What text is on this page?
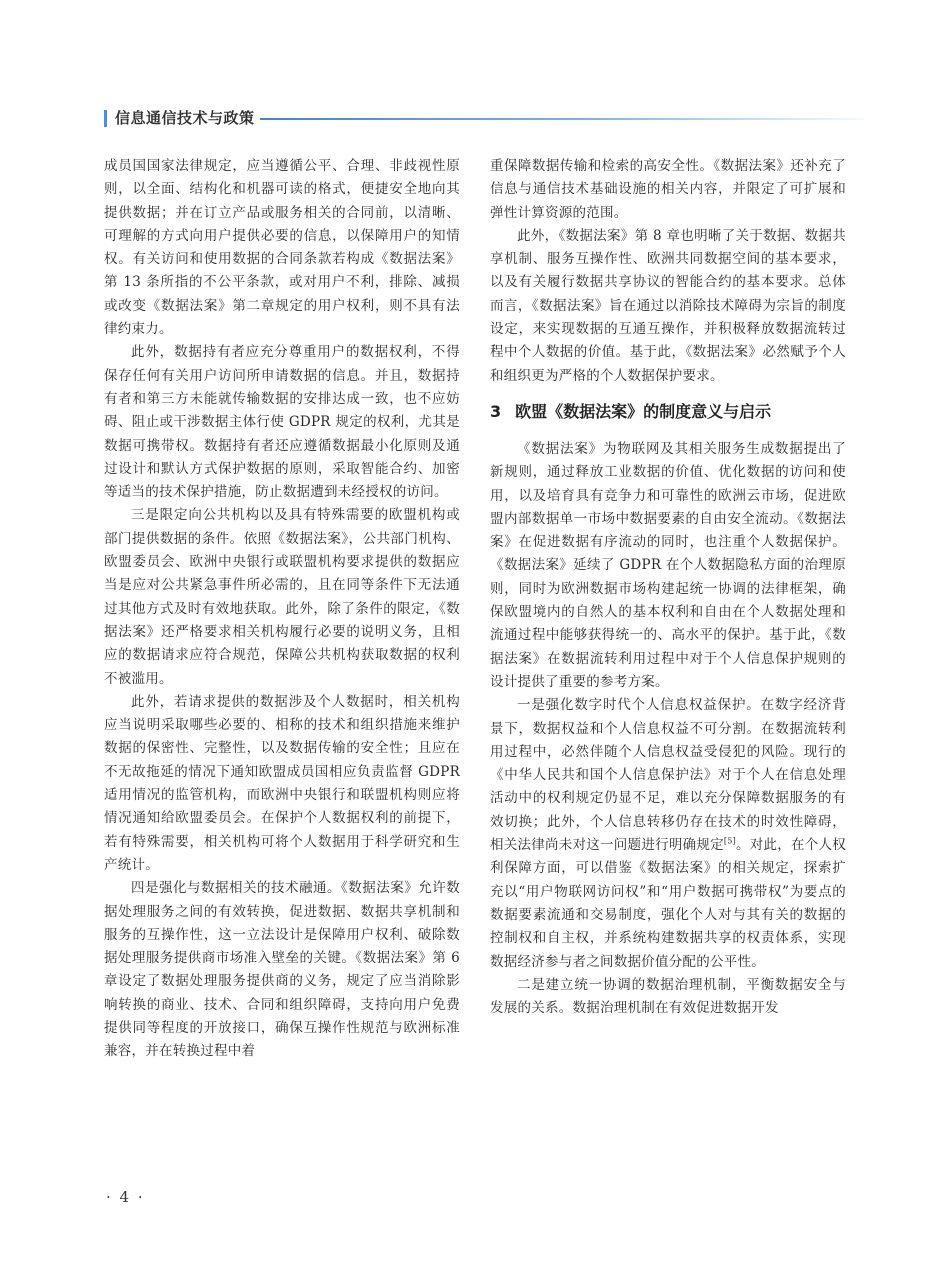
信息通信技术与政策

成员国国家法律规定，应当遵循公平、合理、非歧视性原则，以全面、结构化和机器可读的格式，便捷安全地向其提供数据；并在订立产品或服务相关的合同前，以清晰、可理解的方式向用户提供必要的信息，以保障用户的知情权。有关访问和使用数据的合同条款若构成《数据法案》第 13 条所指的不公平条款，或对用户不利，排除、减损或改变《数据法案》第二章规定的用户权利，则不具有法律约束力。

此外，数据持有者应充分尊重用户的数据权利，不得保存任何有关用户访问所申请数据的信息。并且，数据持有者和第三方未能就传输数据的安排达成一致，也不应妨碍、阻止或干涉数据主体行使 GDPR 规定的权利，尤其是数据可携带权。数据持有者还应遵循数据最小化原则及通过设计和默认方式保护数据的原则，采取智能合约、加密等适当的技术保护措施，防止数据遭到未经授权的访问。

三是限定向公共机构以及具有特殊需要的欧盟机构或部门提供数据的条件。依照《数据法案》，公共部门机构、欧盟委员会、欧洲中央银行或联盟机构要求提供的数据应当是应对公共紧急事件所必需的，且在同等条件下无法通过其他方式及时有效地获取。此外，除了条件的限定，《数据法案》还严格要求相关机构履行必要的说明义务，且相应的数据请求应符合规范，保障公共机构获取数据的权利不被滥用。

此外，若请求提供的数据涉及个人数据时，相关机构应当说明采取哪些必要的、相称的技术和组织措施来维护数据的保密性、完整性，以及数据传输的安全性；且应在不无故拖延的情况下通知欧盟成员国相应负责监督 GDPR 适用情况的监管机构，而欧洲中央银行和联盟机构则应将情况通知给欧盟委员会。在保护个人数据权利的前提下，若有特殊需要，相关机构可将个人数据用于科学研究和生产统计。

四是强化与数据相关的技术融通。《数据法案》允许数据处理服务之间的有效转换，促进数据、数据共享机制和服务的互操作性，这一立法设计是保障用户权利、破除数据处理服务提供商市场准入壁垒的关键。《数据法案》第 6 章设定了数据处理服务提供商的义务，规定了应当消除影响转换的商业、技术、合同和组织障碍，支持向用户免费提供同等程度的开放接口，确保互操作性规范与欧洲标准兼容，并在转换过程中着

重保障数据传输和检索的高安全性。《数据法案》还补充了信息与通信技术基础设施的相关内容，并限定了可扩展和弹性计算资源的范围。

此外，《数据法案》第 8 章也明晰了关于数据、数据共享机制、服务互操作性、欧洲共同数据空间的基本要求，以及有关履行数据共享协议的智能合约的基本要求。总体而言，《数据法案》旨在通过以消除技术障碍为宗旨的制度设定，来实现数据的互通互操作，并积极释放数据流转过程中个人数据的价值。基于此，《数据法案》必然赋予个人和组织更为严格的个人数据保护要求。

3 欧盟《数据法案》的制度意义与启示

《数据法案》为物联网及其相关服务生成数据提出了新规则，通过释放工业数据的价值、优化数据的访问和使用，以及培育具有竞争力和可靠性的欧洲云市场，促进欧盟内部数据单一市场中数据要素的自由安全流动。《数据法案》在促进数据有序流动的同时，也注重个人数据保护。《数据法案》延续了 GDPR 在个人数据隐私方面的治理原则，同时为欧洲数据市场构建起统一协调的法律框架，确保欧盟境内的自然人的基本权利和自由在个人数据处理和流通过程中能够获得统一的、高水平的保护。基于此，《数据法案》在数据流转利用过程中对于个人信息保护规则的设计提供了重要的参考方案。

一是强化数字时代个人信息权益保护。在数字经济背景下，数据权益和个人信息权益不可分割。在数据流转利用过程中，必然伴随个人信息权益受侵犯的风险。现行的《中华人民共和国个人信息保护法》对于个人在信息处理活动中的权利规定仍显不足，难以充分保障数据服务的有效切换；此外，个人信息转移仍存在技术的时效性障碍，相关法律尚未对这一问题进行明确规定[5]。对此，在个人权利保障方面，可以借鉴《数据法案》的相关规定，探索扩充以“用户物联网访问权”和“用户数据可携带权”为要点的数据要素流通和交易制度，强化个人对与其有关的数据的控制权和自主权，并系统构建数据共享的权责体系，实现数据经济参与者之间数据价值分配的公平性。

二是建立统一协调的数据治理机制，平衡数据安全与发展的关系。数据治理机制在有效促进数据开发

· 4 ·
